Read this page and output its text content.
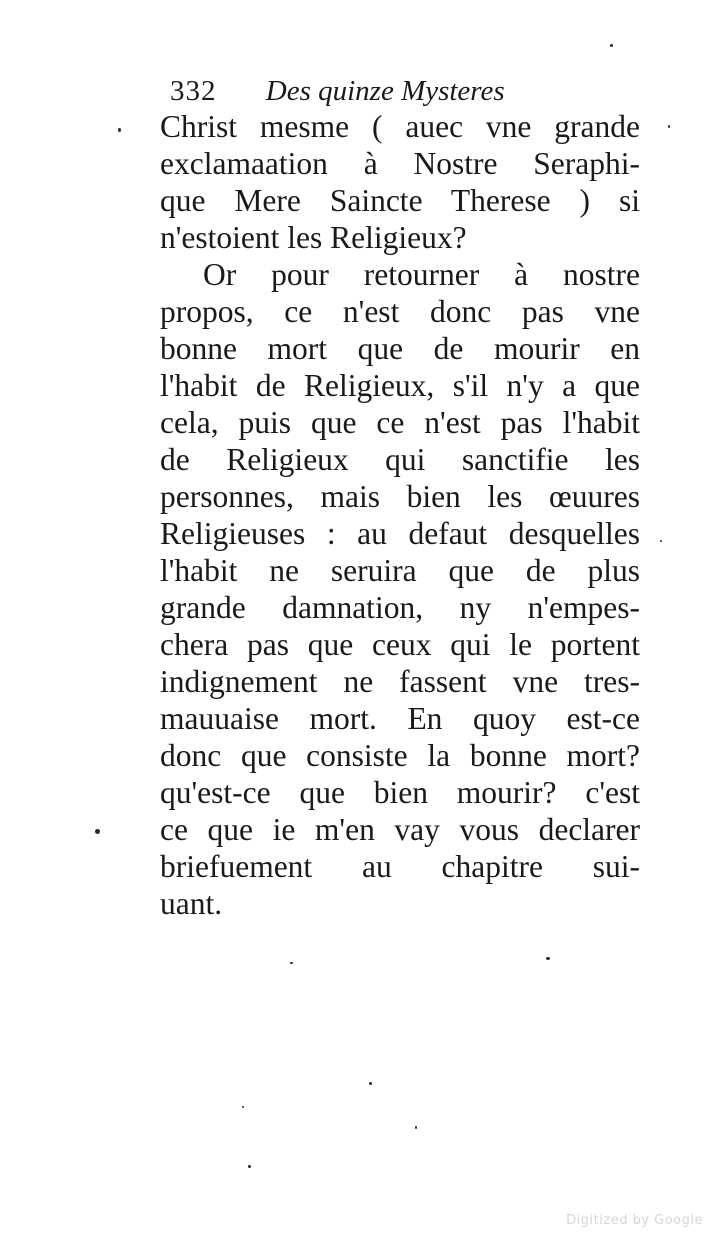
332 Des quinze Mysteres
Christ mesme ( auec vne grande
exclamaation à Nostre Seraphi-
que Mere Saincte Therese ) si
n'estoient les Religieux?
Or pour retourner à nostre
propos, ce n'est donc pas vne
bonne mort que de mourir en
l'habit de Religieux, s'il n'y a que
cela, puis que ce n'est pas l'habit
de Religieux qui sanctifie les
personnes, mais bien les œuures
Religieuses : au defaut desquelles
l'habit ne seruira que de plus
grande damnation, ny n'empes-
chera pas que ceux qui le portent
indignement ne fassent vne tres-
mauuaise mort. En quoy est-ce
donc que consiste la bonne mort?
qu'est-ce que bien mourir? c'est
ce que ie m'en vay vous declarer
briefuement au chapitre sui-
uant.
Digitized by Google
